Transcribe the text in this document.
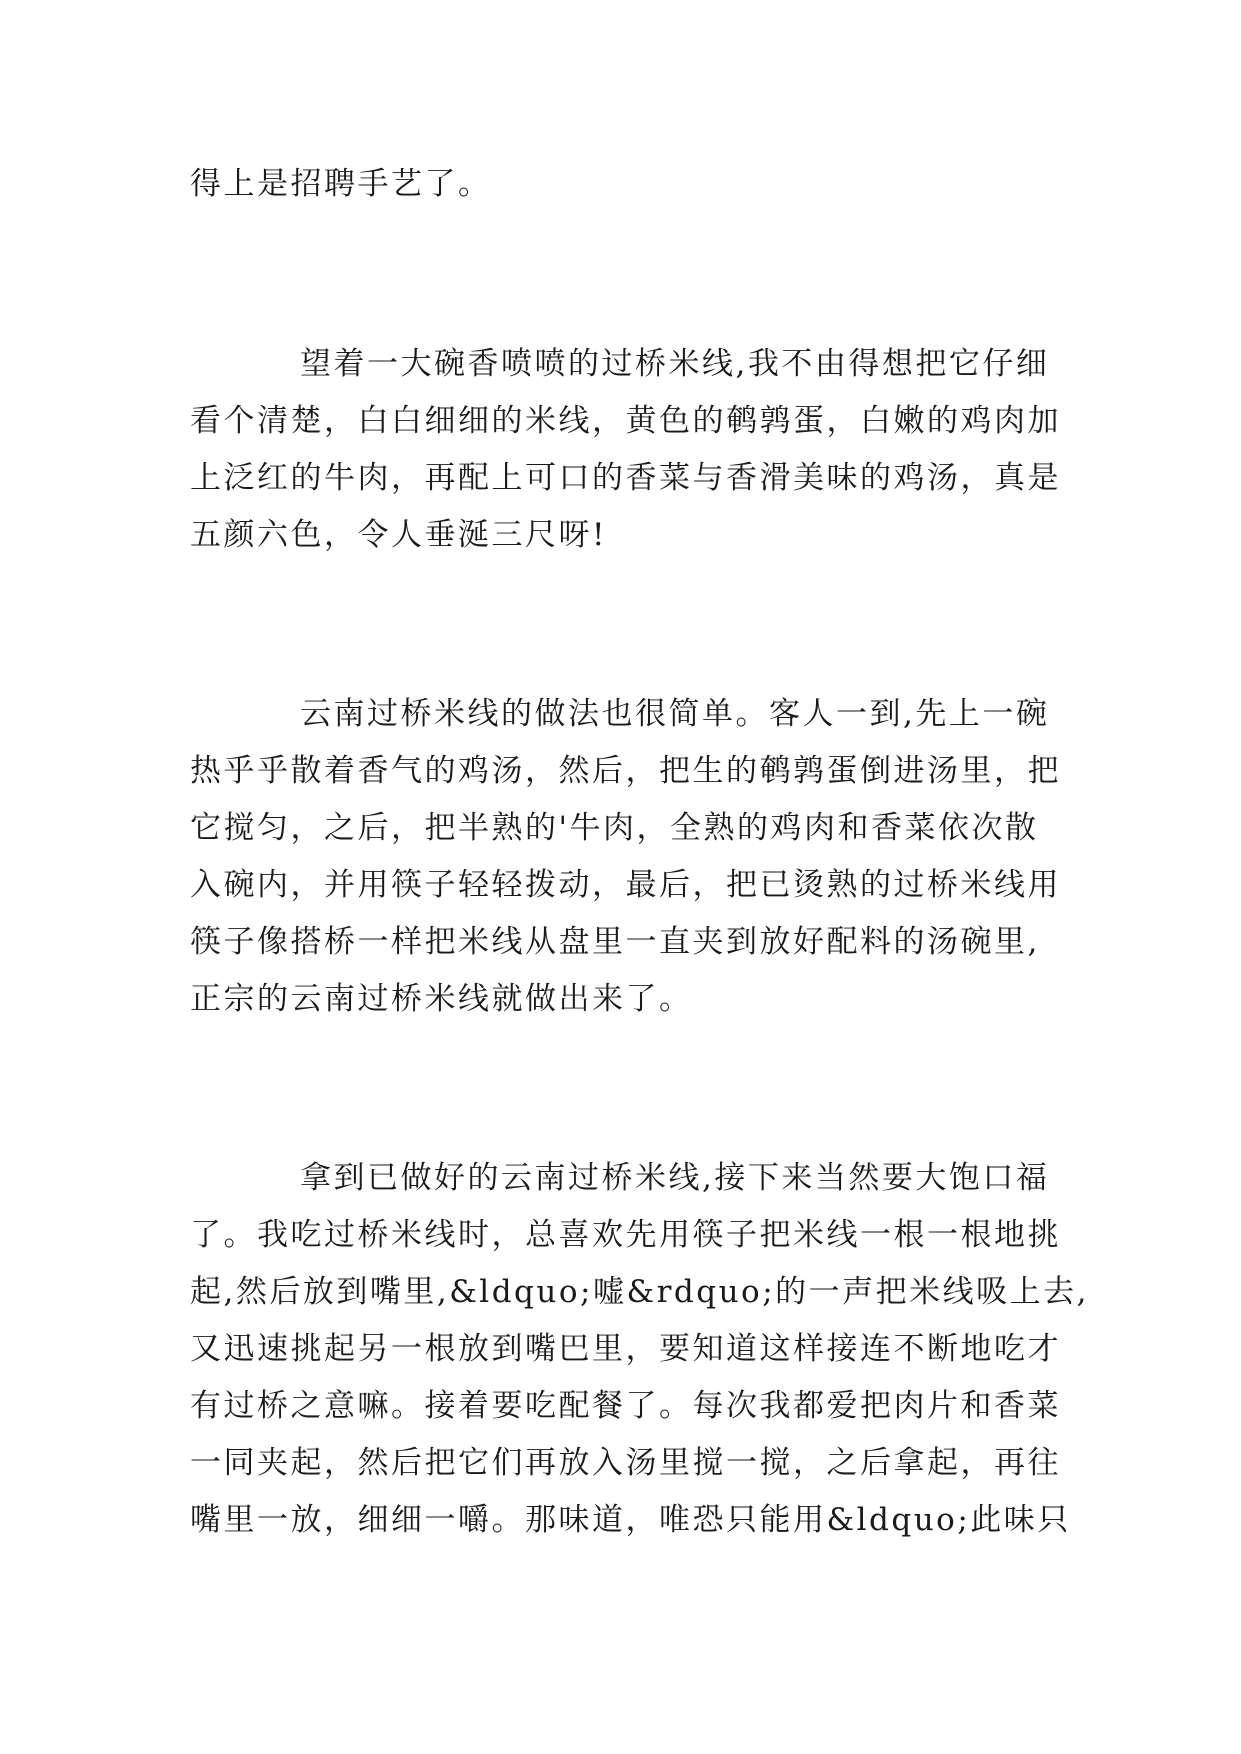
得上是招聘手艺了。
望着一大碗香喷喷的过桥米线,我不由得想把它仔细
看个清楚，白白细细的米线，黄色的鹌鹑蛋，白嫩的鸡肉加
上泛红的牛肉，再配上可口的香菜与香滑美味的鸡汤，真是
五颜六色，令人垂涎三尺呀!
云南过桥米线的做法也很简单。客人一到,先上一碗
热乎乎散着香气的鸡汤，然后，把生的鹌鹑蛋倒进汤里，把
它搅匀，之后，把半熟的'牛肉，全熟的鸡肉和香菜依次散
入碗内，并用筷子轻轻拨动，最后，把已烫熟的过桥米线用
筷子像搭桥一样把米线从盘里一直夹到放好配料的汤碗里,
正宗的云南过桥米线就做出来了。
拿到已做好的云南过桥米线,接下来当然要大饱口福
了。我吃过桥米线时，总喜欢先用筷子把米线一根一根地挑
起,然后放到嘴里,&ldquo;嘘&rdquo;的一声把米线吸上去,
又迅速挑起另一根放到嘴巴里，要知道这样接连不断地吃才
有过桥之意嘛。接着要吃配餐了。每次我都爱把肉片和香菜
一同夹起，然后把它们再放入汤里搅一搅，之后拿起，再往
嘴里一放，细细一嚼。那味道，唯恐只能用&ldquo;此味只
